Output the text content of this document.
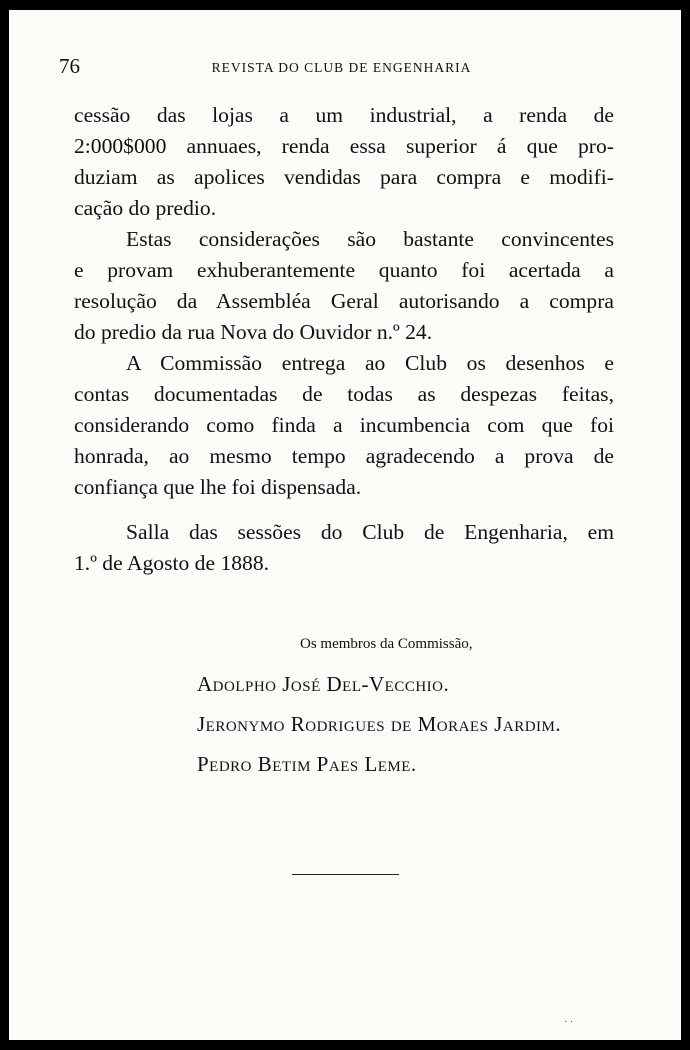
76	REVISTA DO CLUB DE ENGENHARIA

cessão das lojas a um industrial, a renda de
2:000$000 annuaes, renda essa superior á que pro-
duziam as apolices vendidas para compra e modifi-
cação do predio.

Estas considerações são bastante convincentes
e provam exhuberantemente quanto foi acertada a
resolução da Assembléa Geral autorisando a compra
do predio da rua Nova do Ouvidor n.º 24.

A Commissão entrega ao Club os desenhos e
contas documentadas de todas as despezas feitas,
considerando como finda a incumbencia com que foi
honrada, ao mesmo tempo agradecendo a prova de
confiança que lhe foi dispensada.

Salla das sessões do Club de Engenharia, em
1.º de Agosto de 1888.

Os membros da Commissão,
Adolpho José Del-Vecchio.
Jeronymo Rodrigues de Moraes Jardim.
Pedro Betim Paes Leme.
· ·
